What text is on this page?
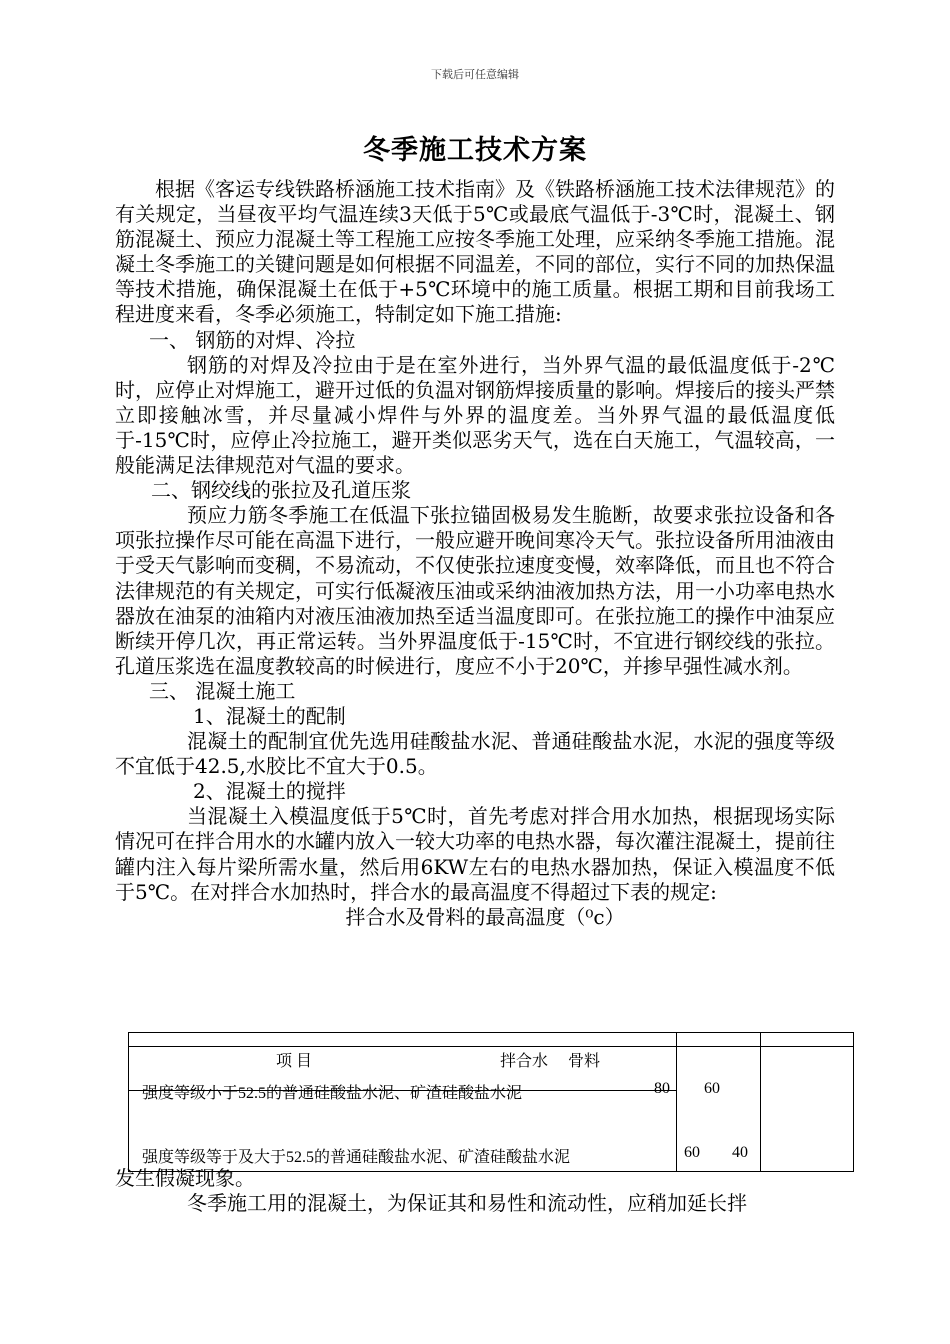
下载后可任意编辑
冬季施工技术方案

根据《客运专线铁路桥涵施工技术指南》及《铁路桥涵施工技术法律规范》的有关规定，当昼夜平均气温连续3天低于5℃或最底气温低于-3℃时，混凝土、钢筋混凝土、预应力混凝土等工程施工应按冬季施工处理，应采纳冬季施工措施。混凝土冬季施工的关键问题是如何根据不同温差，不同的部位，实行不同的加热保温等技术措施，确保混凝土在低于+5℃环境中的施工质量。根据工期和目前我场工程进度来看，冬季必须施工，特制定如下施工措施:

一、 钢筋的对焊、冷拉

钢筋的对焊及冷拉由于是在室外进行，当外界气温的最低温度低于-2℃时，应停止对焊施工，避开过低的负温对钢筋焊接质量的影响。焊接后的接头严禁立即接触冰雪，并尽量减小焊件与外界的温度差。当外界气温的最低温度低于-15℃时，应停止冷拉施工，避开类似恶劣天气，选在白天施工，气温较高，一般能满足法律规范对气温的要求。

二、钢绞线的张拉及孔道压浆

预应力筋冬季施工在低温下张拉锚固极易发生脆断，故要求张拉设备和各项张拉操作尽可能在高温下进行，一般应避开晚间寒冷天气。张拉设备所用油液由于受天气影响而变稠，不易流动，不仅使张拉速度变慢，效率降低，而且也不符合法律规范的有关规定，可实行低凝液压油或采纳油液加热方法，用一小功率电热水器放在油泵的油箱内对液压油液加热至适当温度即可。在张拉施工的操作中油泵应断续开停几次，再正常运转。当外界温度低于-15℃时，不宜进行钢绞线的张拉。孔道压浆选在温度教较高的时候进行，度应不小于20℃，并掺早强性减水剂。

三、 混凝土施工

1、混凝土的配制

混凝土的配制宜优先选用硅酸盐水泥、普通硅酸盐水泥，水泥的强度等级不宜低于42.5,水胶比不宜大于0.5。

2、混凝土的搅拌

当混凝土入模温度低于5℃时，首先考虑对拌合用水加热，根据现场实际情况可在拌合用水的水罐内放入一较大功率的电热水器，每次灌注混凝土，提前往罐内注入每片梁所需水量，然后用6KW左右的电热水器加热，保证入模温度不低于5℃。在对拌合水加热时，拌合水的最高温度不得超过下表的规定:

拌合水及骨料的最高温度（⁰c）

项 目	拌合水 骨料
强度等级小于52.5的普通硅酸盐水泥、矿渣硅酸盐水泥	80 60
强度等级等于及大于52.5的普通硅酸盐水泥、矿渣硅酸盐水泥	60 40

发生假凝现象。

冬季施工用的混凝土，为保证其和易性和流动性，应稍加延长拌
